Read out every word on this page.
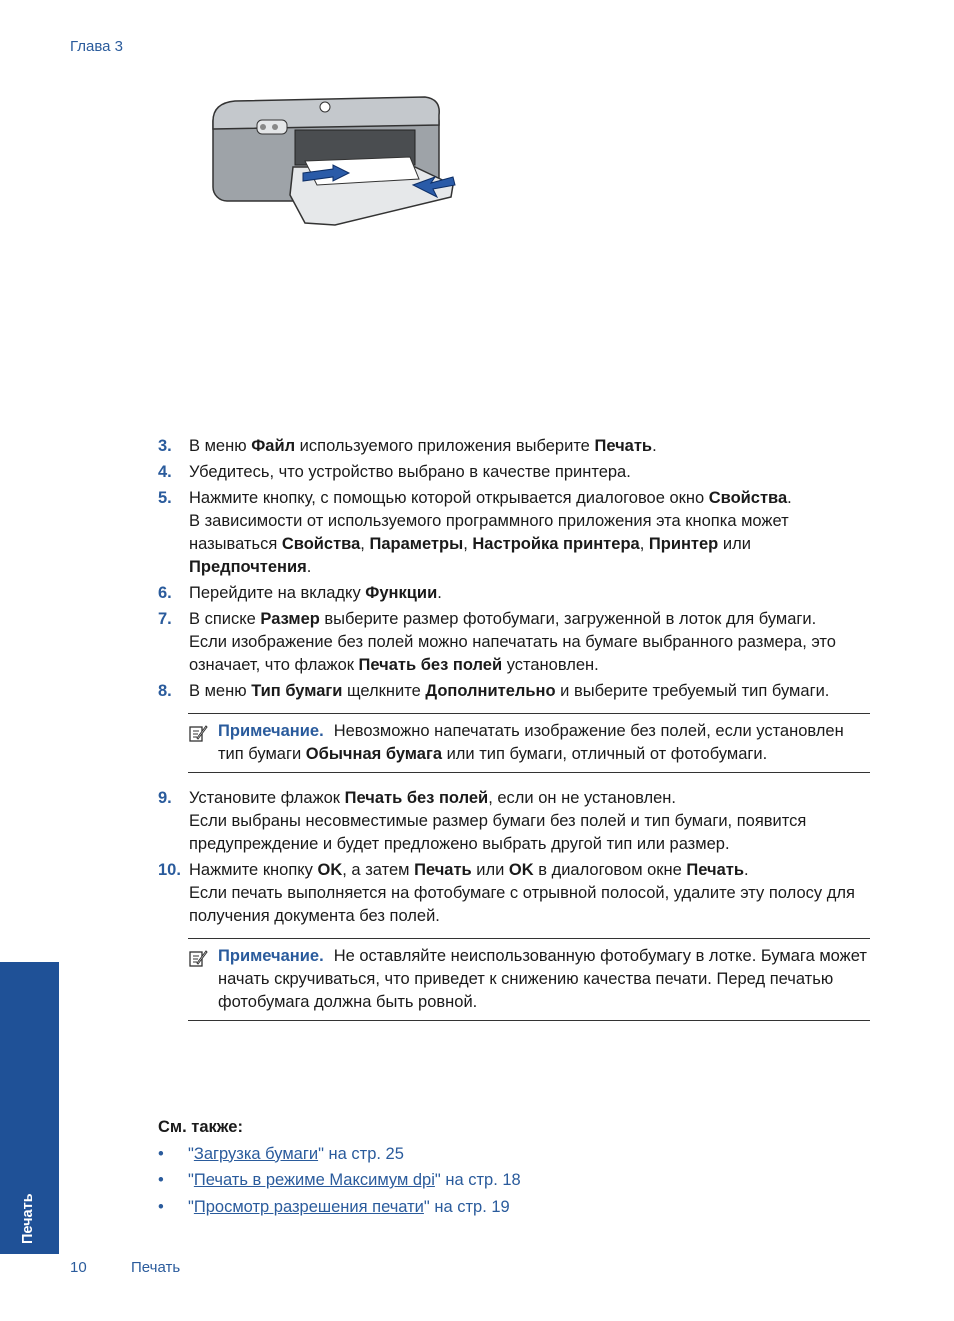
Глава 3
3. В меню Файл используемого приложения выберите Печать.

4. Убедитесь, что устройство выбрано в качестве принтера.

5. Нажмите кнопку, с помощью которой открывается диалоговое окно Свойства.

В зависимости от используемого программного приложения эта кнопка может называться Свойства, Параметры, Настройка принтера, Принтер или Предпочтения.

6. Перейдите на вкладку Функции.

7. В списке Размер выберите размер фотобумаги, загруженной в лоток для бумаги.

Если изображение без полей можно напечатать на бумаге выбранного размера, это означает, что флажок Печать без полей установлен.

8. В меню Тип бумаги щелкните Дополнительно и выберите требуемый тип бумаги.

Примечание. Невозможно напечатать изображение без полей, если установлен тип бумаги Обычная бумага или тип бумаги, отличный от фотобумаги.
9. Установите флажок Печать без полей, если он не установлен.

Если выбраны несовместимые размер бумаги без полей и тип бумаги, появится предупреждение и будет предложено выбрать другой тип или размер.

10. Нажмите кнопку OK, а затем Печать или OK в диалоговом окне Печать.

Если печать выполняется на фотобумаге с отрывной полосой, удалите эту полосу для получения документа без полей.

Примечание. Не оставляйте неиспользованную фотобумагу в лотке. Бумага может начать скручиваться, что приведет к снижению качества печати. Перед печатью фотобумага должна быть ровной.
См. также:
• "Загрузка бумаги" на стр. 25
• "Печать в режиме Максимум dpi" на стр. 18
• "Просмотр разрешения печати" на стр. 19
Печать
10	Печать
